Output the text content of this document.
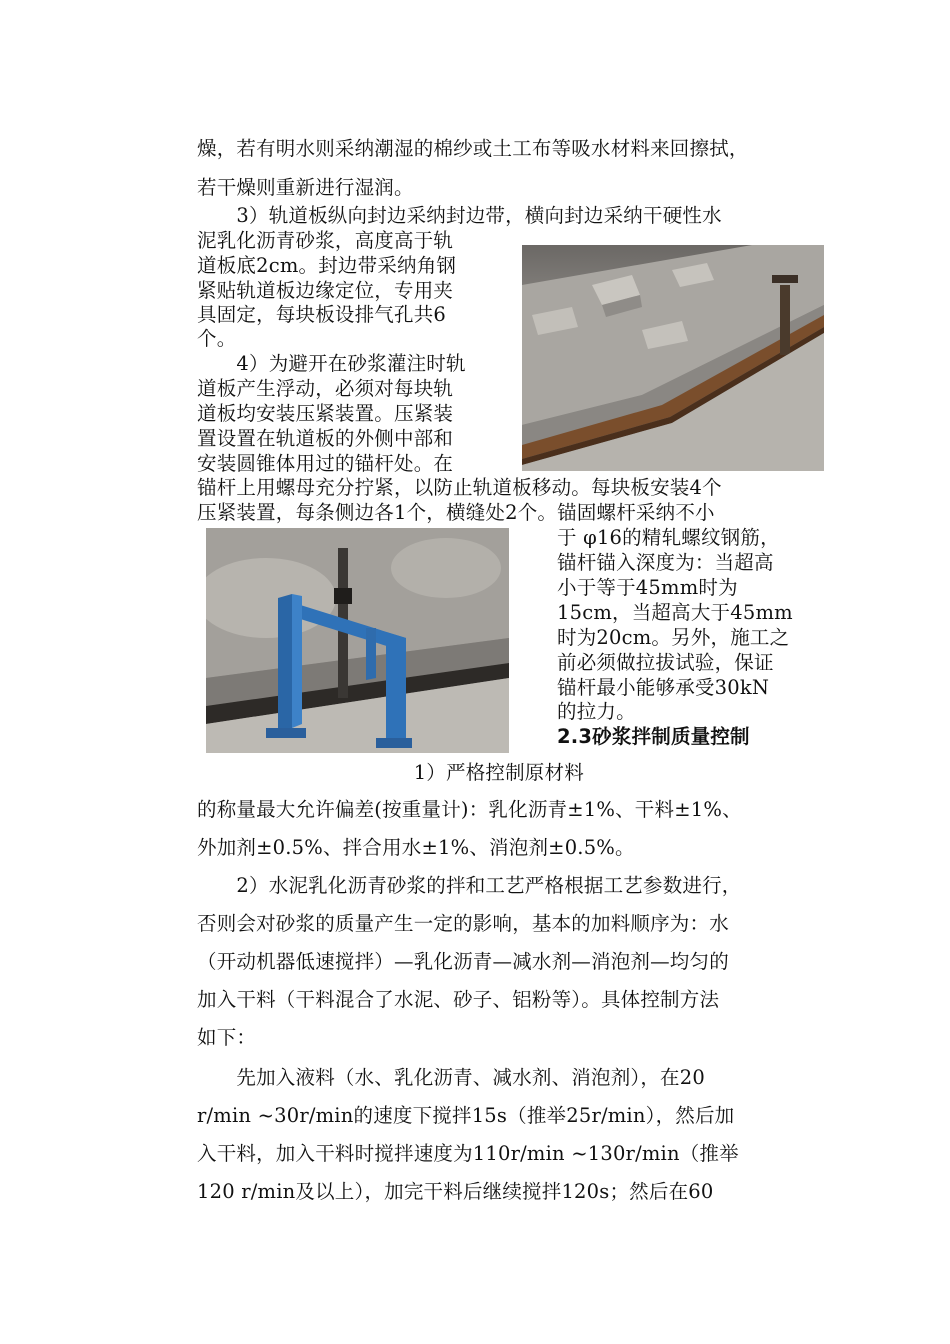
燥，若有明水则采纳潮湿的棉纱或土工布等吸水材料来回擦拭，
若干燥则重新进行湿润。
　　3）轨道板纵向封边采纳封边带，横向封边采纳干硬性水
泥乳化沥青砂浆，高度高于轨
道板底2cm。封边带采纳角钢
紧贴轨道板边缘定位，专用夹
具固定，每块板设排气孔共6
个。
　　4）为避开在砂浆灌注时轨
道板产生浮动，必须对每块轨
道板均安装压紧装置。压紧装
置设置在轨道板的外侧中部和
安装圆锥体用过的锚杆处。在
锚杆上用螺母充分拧紧，以防止轨道板移动。每块板安装4个
压紧装置，每条侧边各1个，横缝处2个。锚固螺杆采纳不小
于 φ16的精轧螺纹钢筋，
锚杆锚入深度为：当超高
小于等于45mm时为
15cm，当超高大于45mm
时为20cm。另外，施工之
前必须做拉拔试验，保证
锚杆最小能够承受30kN
的拉力。
2.3砂浆拌制质量控制
　　　　　　　　　　　1）严格控制原材料
的称量最大允许偏差(按重量计)：乳化沥青±1%、干料±1%、
外加剂±0.5%、拌合用水±1%、消泡剂±0.5%。
　　2）水泥乳化沥青砂浆的拌和工艺严格根据工艺参数进行，
否则会对砂浆的质量产生一定的影响，基本的加料顺序为：水
（开动机器低速搅拌）—乳化沥青—减水剂—消泡剂—均匀的
加入干料（干料混合了水泥、砂子、铝粉等）。具体控制方法
如下：
　　先加入液料（水、乳化沥青、减水剂、消泡剂），在20
r/min ~30r/min的速度下搅拌15s（推举25r/min），然后加
入干料，加入干料时搅拌速度为110r/min ~130r/min（推举
120 r/min及以上），加完干料后继续搅拌120s；然后在60
